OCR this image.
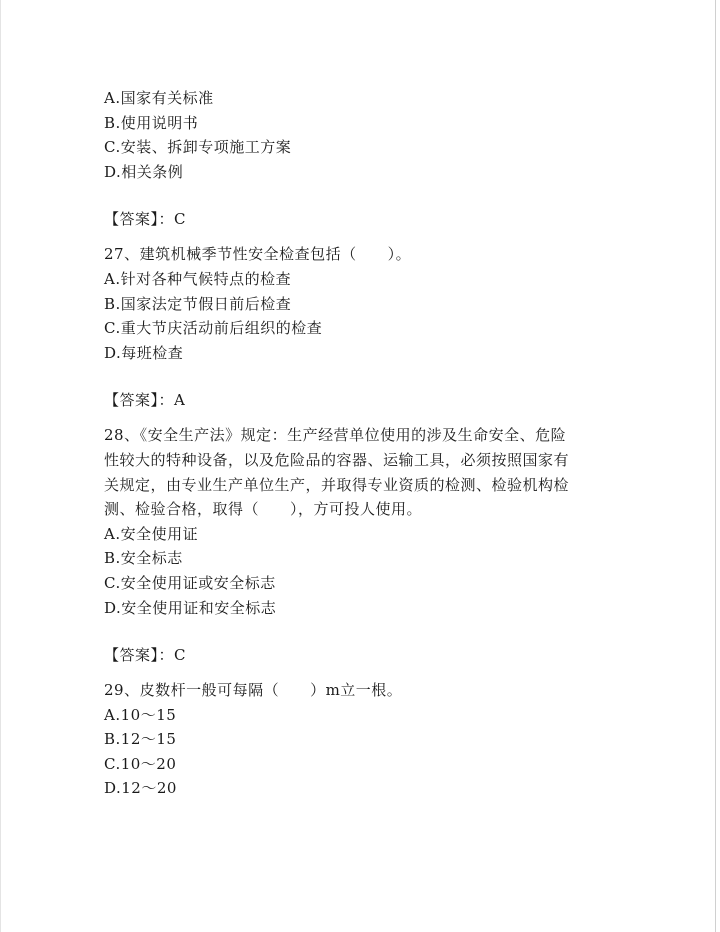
A.国家有关标准
B.使用说明书
C.安装、拆卸专项施工方案
D.相关条例
【答案】：C
27、建筑机械季节性安全检查包括（　　）。
A.针对各种气候特点的检查
B.国家法定节假日前后检查
C.重大节庆活动前后组织的检查
D.每班检查
【答案】：A
28、《安全生产法》规定：生产经营单位使用的涉及生命安全、危险
性较大的特种设备，以及危险品的容器、运输工具，必须按照国家有
关规定，由专业生产单位生产，并取得专业资质的检测、检验机构检
测、检验合格，取得（　　），方可投人使用。
A.安全使用证
B.安全标志
C.安全使用证或安全标志
D.安全使用证和安全标志
【答案】：C
29、皮数杆一般可每隔（　　）m立一根。
A.10～15
B.12～15
C.10～20
D.12～20
